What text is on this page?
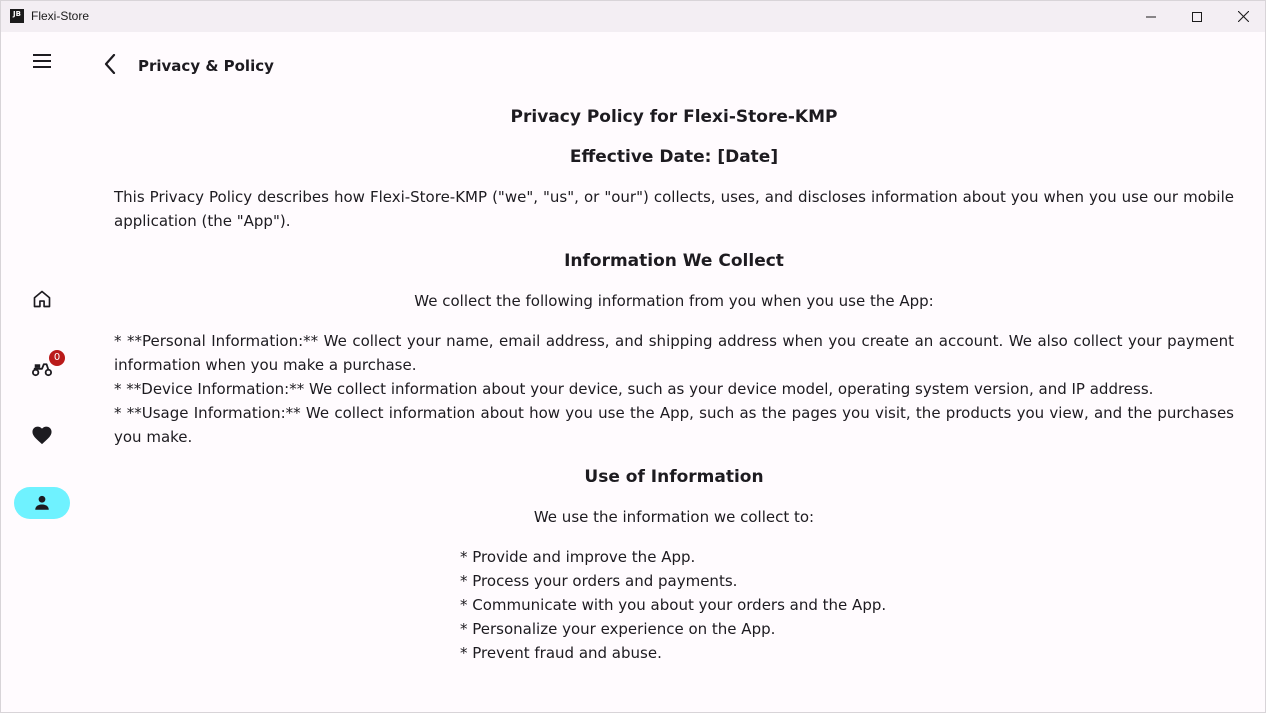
JB Flexi-Store
0
Privacy & Policy
Privacy Policy for Flexi-Store-KMP
Effective Date: [Date]
This Privacy Policy describes how Flexi-Store-KMP ("we", "us", or "our") collects, uses, and discloses information about you when you use our mobile application (the "App").
Information We Collect
We collect the following information from you when you use the App:
* **Personal Information:** We collect your name, email address, and shipping address when you create an account. We also collect your payment information when you make a purchase.
* **Device Information:** We collect information about your device, such as your device model, operating system version, and IP address.
* **Usage Information:** We collect information about how you use the App, such as the pages you visit, the products you view, and the purchases you make.
Use of Information
We use the information we collect to:
* Provide and improve the App.
* Process your orders and payments.
* Communicate with you about your orders and the App.
* Personalize your experience on the App.
* Prevent fraud and abuse.
